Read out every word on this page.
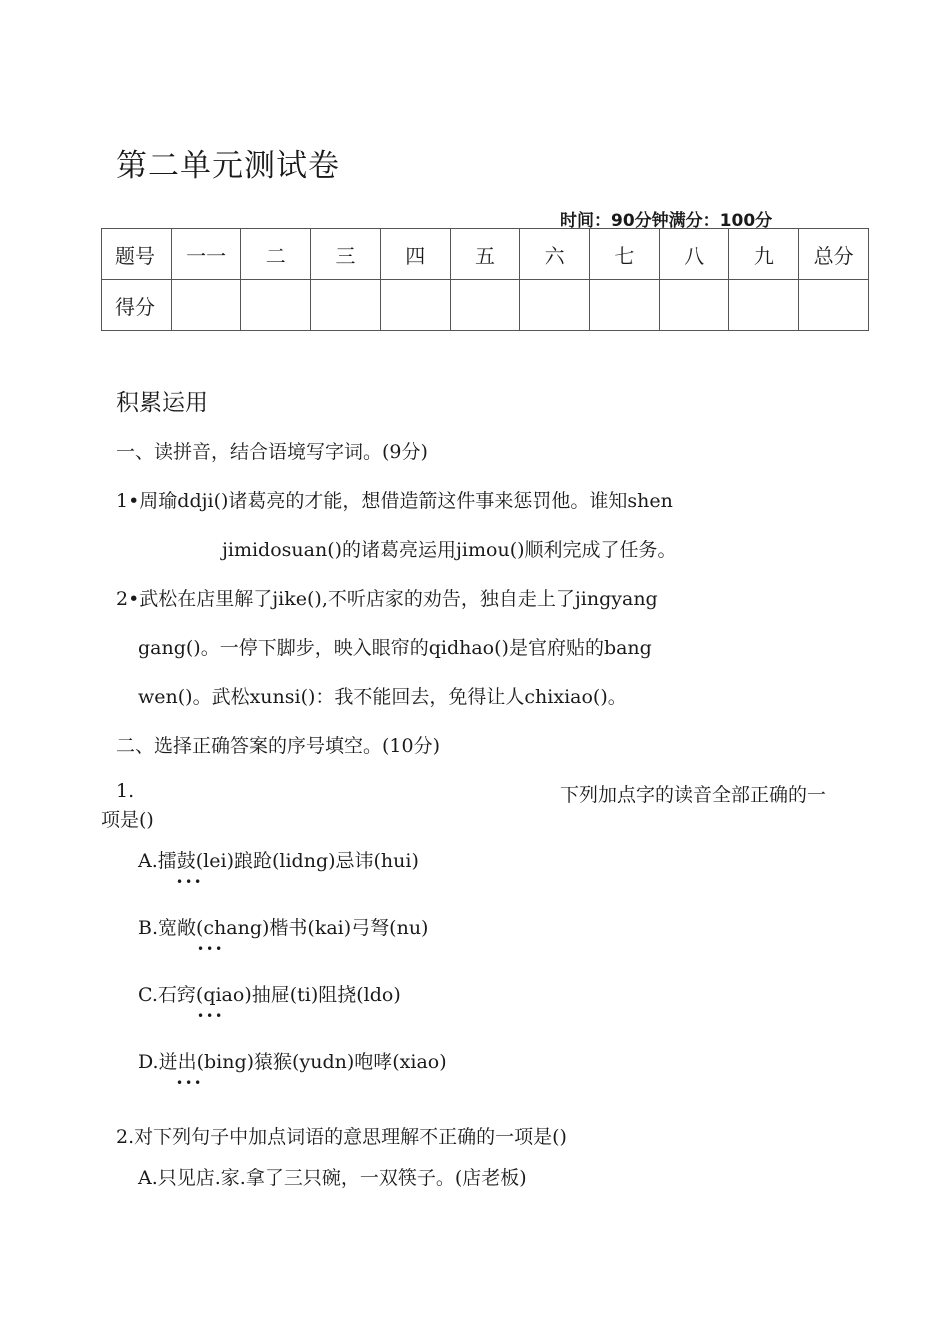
第二单元测试卷
时间：90分钟满分：100分
题号	一一	二	三	四	五	六	七	八	九	总分
得分										
积累运用
一、读拼音，结合语境写字词。(9分)
1•周瑜ddji()诸葛亮的才能，想借造箭这件事来惩罚他。谁知shen
jimidosuan()的诸葛亮运用jimou()顺利完成了任务。
2•武松在店里解了jike(),不听店家的劝告，独自走上了jingyang
gang()。一停下脚步，映入眼帘的qidhao()是官府贴的bang
wen()。武松xunsi()：我不能回去，免得让人chixiao()。
二、选择正确答案的序号填空。(10分)
1.	下列加点字的读音全部正确的一
项是()
A.擂鼓(lei)踉跄(lidng)忌讳(hui)
•••
B.宽敞(chang)楷书(kai)弓弩(nu)
•••
C.石窍(qiao)抽屉(ti)阻挠(ldo)
•••
D.迸出(bing)猿猴(yudn)咆哮(xiao)
•••
2.对下列句子中加点词语的意思理解不正确的一项是()
A.只见店.家.拿了三只碗，一双筷子。(店老板)
